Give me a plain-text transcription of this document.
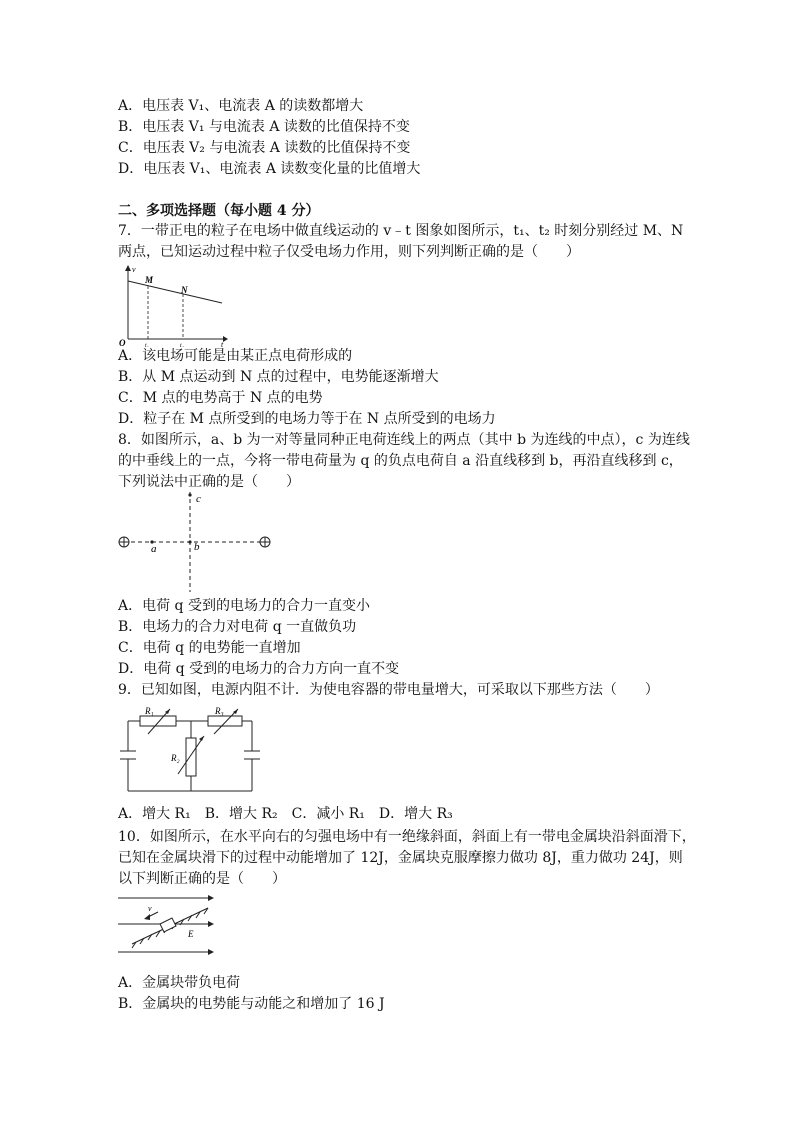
A．电压表 V₁、电流表 A 的读数都增大
B．电压表 V₁ 与电流表 A 读数的比值保持不变
C．电压表 V₂ 与电流表 A 读数的比值保持不变
D．电压表 V₁、电流表 A 读数变化量的比值增大
二、多项选择题（每小题 4 分）
7．一带正电的粒子在电场中做直线运动的 v﹣t 图象如图所示，t₁、t₂ 时刻分别经过 M、N
两点，已知运动过程中粒子仅受电场力作用，则下列判断正确的是（　　）
v
t
O
M
N
t₁	t₂
A．该电场可能是由某正点电荷形成的
B．从 M 点运动到 N 点的过程中，电势能逐渐增大
C．M 点的电势高于 N 点的电势
D．粒子在 M 点所受到的电场力等于在 N 点所受到的电场力
8．如图所示，a、b 为一对等量同种正电荷连线上的两点（其中 b 为连线的中点），c 为连线
的中垂线上的一点，今将一带电荷量为 q 的负点电荷自 a 沿直线移到 b，再沿直线移到 c，
下列说法中正确的是（　　）
a	b
c
A．电荷 q 受到的电场力的合力一直变小
B．电场力的合力对电荷 q 一直做负功
C．电荷 q 的电势能一直增加
D．电荷 q 受到的电场力的合力方向一直不变
9．已知如图，电源内阻不计．为使电容器的带电量增大，可采取以下那些方法（　　）
R₁	R₃
R₂
A．增大 R₁　B．增大 R₂　C．减小 R₁　D．增大 R₃
10．如图所示，在水平向右的匀强电场中有一绝缘斜面，斜面上有一带电金属块沿斜面滑下，
已知在金属块滑下的过程中动能增加了 12J，金属块克服摩擦力做功 8J，重力做功 24J，则
以下判断正确的是（　　）
v
E
A．金属块带负电荷
B．金属块的电势能与动能之和增加了 16 J
